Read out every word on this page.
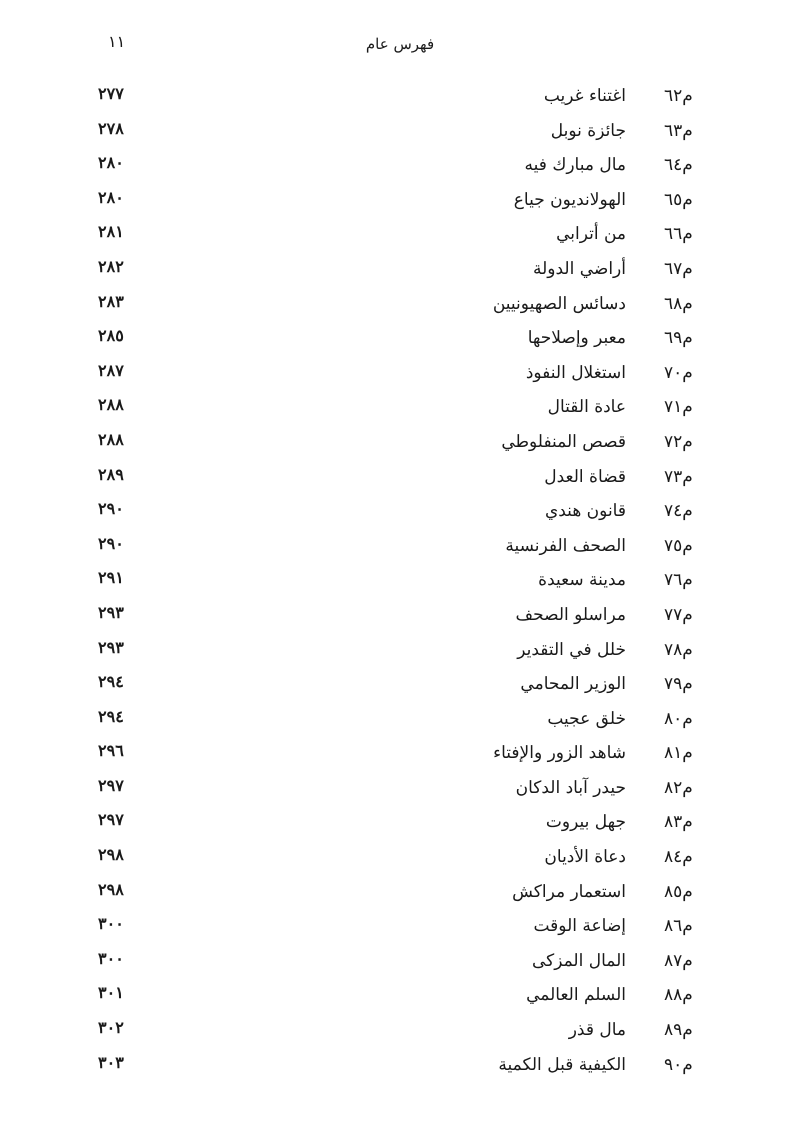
فهرس عام
١١
م٦٢
اغتناء غريب
٢٧٧
م٦٣
جائزة نوبل
٢٧٨
م٦٤
مال مبارك فيه
٢٨٠
م٦٥
الهولانديون جياع
٢٨٠
م٦٦
من أترابي
٢٨١
م٦٧
أراضي الدولة
٢٨٢
م٦٨
دسائس الصهيونيين
٢٨٣
م٦٩
معبر وإصلاحها
٢٨٥
م٧٠
استغلال النفوذ
٢٨٧
م٧١
عادة القتال
٢٨٨
م٧٢
قصص المنفلوطي
٢٨٨
م٧٣
قضاة العدل
٢٨٩
م٧٤
قانون هندي
٢٩٠
م٧٥
الصحف الفرنسية
٢٩٠
م٧٦
مدينة سعيدة
٢٩١
م٧٧
مراسلو الصحف
٢٩٣
م٧٨
خلل في التقدير
٢٩٣
م٧٩
الوزير المحامي
٢٩٤
م٨٠
خلق عجيب
٢٩٤
م٨١
شاهد الزور والإفتاء
٢٩٦
م٨٢
حيدر آباد الدكان
٢٩٧
م٨٣
جهل بيروت
٢٩٧
م٨٤
دعاة الأديان
٢٩٨
م٨٥
استعمار مراكش
٢٩٨
م٨٦
إضاعة الوقت
٣٠٠
م٨٧
المال المزكى
٣٠٠
م٨٨
السلم العالمي
٣٠١
م٨٩
مال قذر
٣٠٢
م٩٠
الكيفية قبل الكمية
٣٠٣
